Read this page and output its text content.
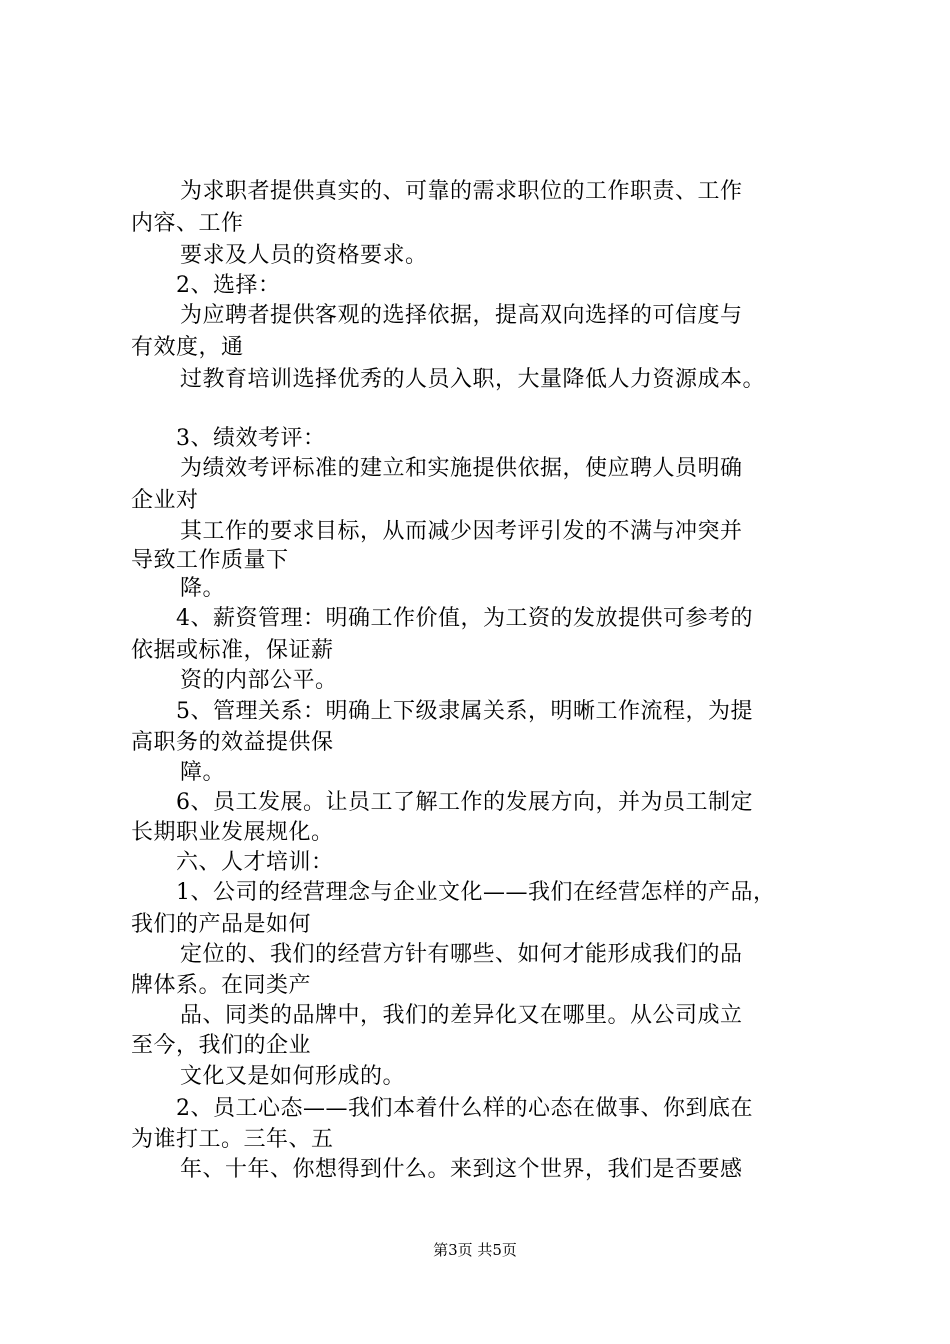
为求职者提供真实的、可靠的需求职位的工作职责、工作
内容、工作
要求及人员的资格要求。
2、选择：
为应聘者提供客观的选择依据，提高双向选择的可信度与
有效度，通
过教育培训选择优秀的人员入职，大量降低人力资源成本。
3、绩效考评：
为绩效考评标准的建立和实施提供依据，使应聘人员明确
企业对
其工作的要求目标，从而减少因考评引发的不满与冲突并
导致工作质量下
降。
4、薪资管理：明确工作价值，为工资的发放提供可参考的
依据或标准，保证薪
资的内部公平。
5、管理关系：明确上下级隶属关系，明晰工作流程，为提
高职务的效益提供保
障。
6、员工发展。让员工了解工作的发展方向，并为员工制定
长期职业发展规化。
六、人才培训：
1、公司的经营理念与企业文化——我们在经营怎样的产品，
我们的产品是如何
定位的、我们的经营方针有哪些、如何才能形成我们的品
牌体系。在同类产
品、同类的品牌中，我们的差异化又在哪里。从公司成立
至今，我们的企业
文化又是如何形成的。
2、员工心态——我们本着什么样的心态在做事、你到底在
为谁打工。三年、五
年、十年、你想得到什么。来到这个世界，我们是否要感
第3页 共5页
